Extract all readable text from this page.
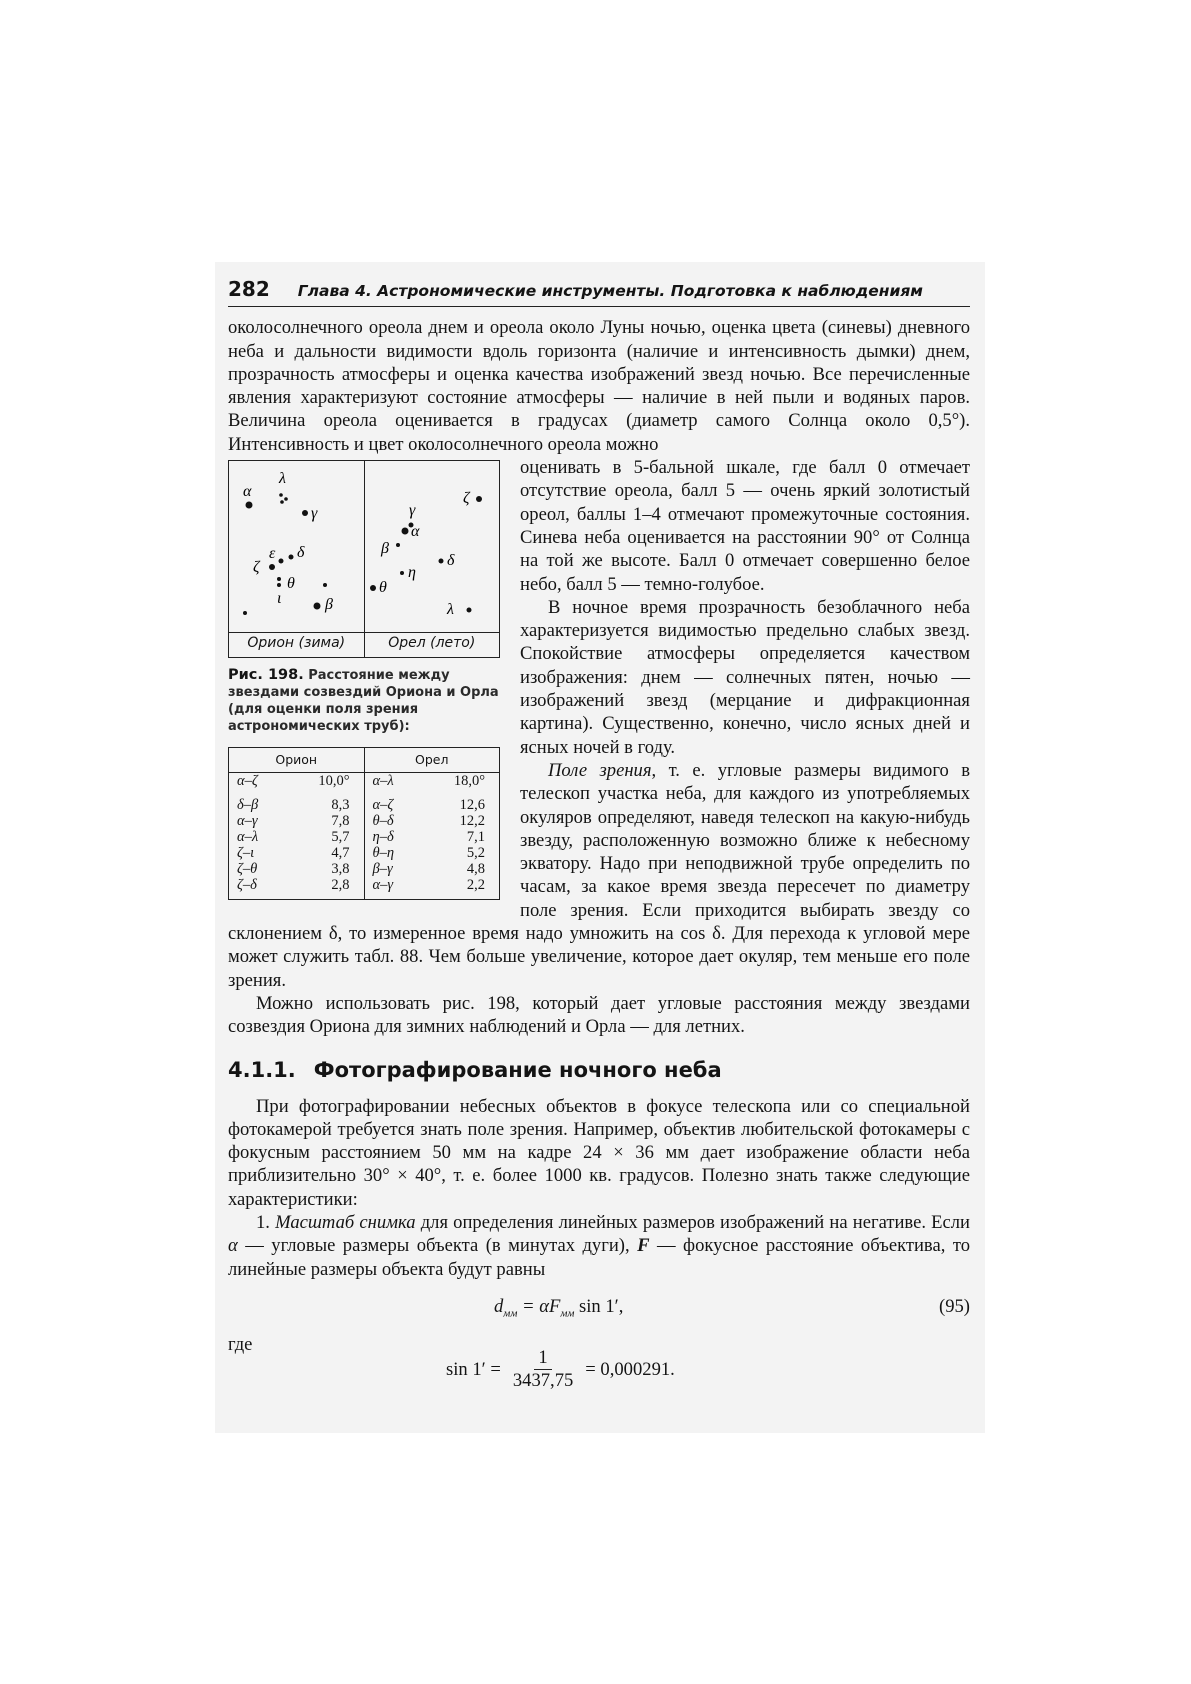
282 Глава 4. Астрономические инструменты. Подготовка к наблюдениям

околосолнечного ореола днем и ореола около Луны ночью, оценка цвета (синевы) дневного неба и дальности видимости вдоль горизонта (наличие и интенсивность дымки) днем, прозрачность атмосферы и оценка качества изображений звезд ночью. Все перечисленные явления характеризуют состояние атмосферы — наличие в ней пыли и водяных паров. Величина ореола оценивается в градусах (диаметр самого Солнца около 0,5°). Интенсивность и цвет околосолнечного ореола можно

α
λ
γ
ε δ
ζ
θ
ι	β
Орион (зима)
ζ
γ
α
β
δ
η
θ
λ
Орел (лето)
Рис. 198. Расстояние между звездами созвездий Ориона и Орла (для оценки поля зрения астрономических труб):
Орион		Орел	
α–ζ	10,0°	α–λ	18,0°
δ–β	8,3	α–ζ	12,6
α–γ	7,8	θ–δ	12,2
α–λ	5,7	η–δ	7,1
ζ–ι	4,7	θ–η	5,2
ζ–θ	3,8	β–γ	4,8
ζ–δ	2,8	α–γ	2,2

оценивать в 5-бальной шкале, где балл 0 отмечает отсутствие ореола, балл 5 — очень яркий золотистый ореол, баллы 1–4 отмечают промежуточные состояния. Синева неба оценивается на расстоянии 90° от Солнца на той же высоте. Балл 0 отмечает совершенно белое небо, балл 5 — темно-голубое.

В ночное время прозрачность безоблачного неба характеризуется видимостью предельно слабых звезд. Спокойствие атмосферы определяется качеством изображения: днем — солнечных пятен, ночью — изображений звезд (мерцание и дифракционная картина). Существенно, конечно, число ясных дней и ясных ночей в году.

Поле зрения, т. е. угловые размеры видимого в телескоп участка неба, для каждого из употребляемых окуляров определяют, наведя телескоп на какую-нибудь звезду, расположенную возможно ближе к небесному экватору. Надо при неподвижной трубе определить по часам, за какое время звезда пересечет по диаметру поле зрения. Если приходится выбирать звезду со склонением δ, то измеренное время надо умножить на cos δ. Для перехода к угловой мере может служить табл. 88. Чем больше увеличение, которое дает окуляр, тем меньше его поле зрения.

Можно использовать рис. 198, который дает угловые расстояния между звездами созвездия Ориона для зимних наблюдений и Орла — для летних.

4.1.1. Фотографирование ночного неба

При фотографировании небесных объектов в фокусе телескопа или со специальной фотокамерой требуется знать поле зрения. Например, объектив любительской фотокамеры с фокусным расстоянием 50 мм на кадре 24 × 36 мм дает изображение области неба приблизительно 30° × 40°, т. е. более 1000 кв. градусов. Полезно знать также следующие характеристики:

1. Масштаб снимка для определения линейных размеров изображений на негативе. Если α — угловые размеры объекта (в минутах дуги), F — фокусное расстояние объектива, то линейные размеры объекта будут равны

$d_{мм} = \alpha F_{мм}$ sin 1′,	(95)
где
$\sin 1' = \frac{1}{3437,75} = 0,000291$.
